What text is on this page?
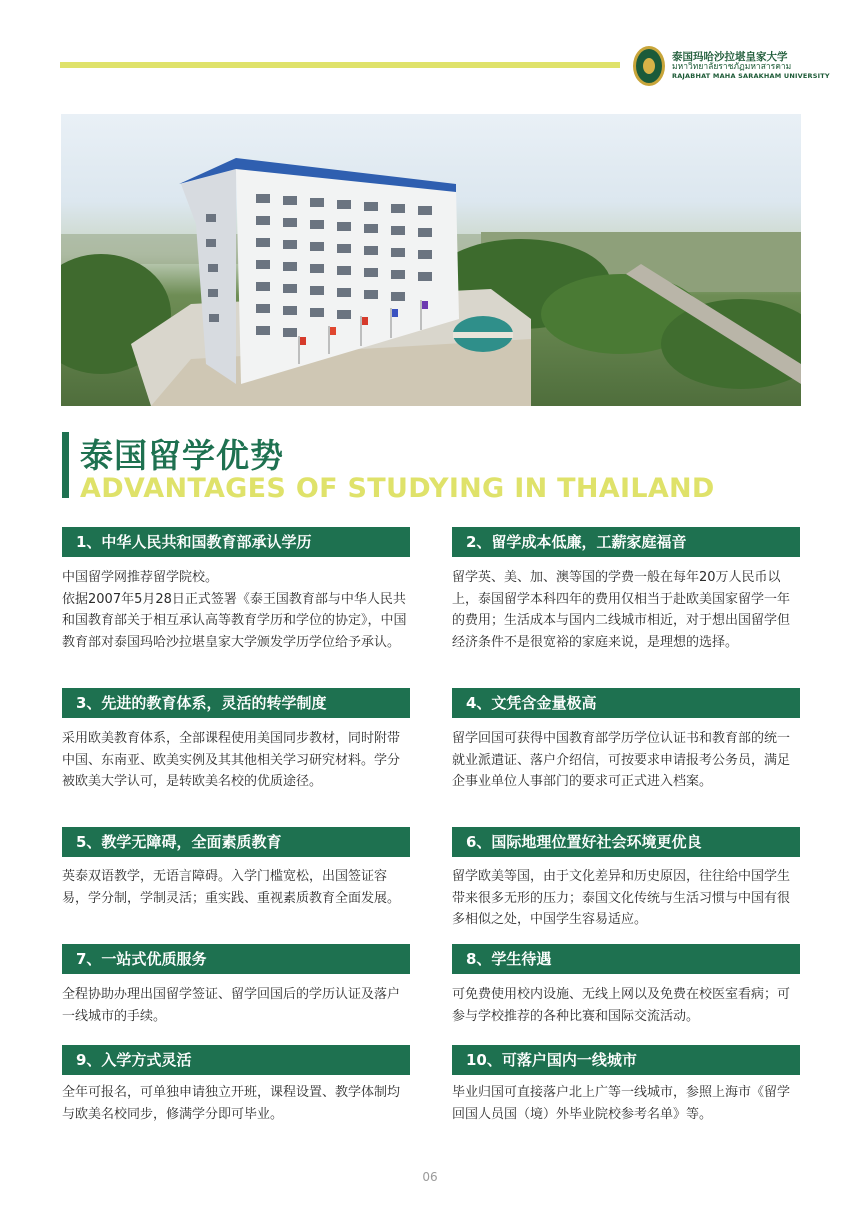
泰国玛哈沙拉堪皇家大学
มหาวิทยาลัยราชภัฏมหาสารคาม
RAJABHAT MAHA SARAKHAM UNIVERSITY
泰国留学优势
ADVANTAGES OF STUDYING IN THAILAND
1、中华人民共和国教育部承认学历
中国留学网推荐留学院校。
依据2007年5月28日正式签署《泰王国教育部与中华人民共和国教育部关于相互承认高等教育学历和学位的协定》，中国教育部对泰国玛哈沙拉堪皇家大学颁发学历学位给予承认。
2、留学成本低廉，工薪家庭福音
留学英、美、加、澳等国的学费一般在每年20万人民币以上，泰国留学本科四年的费用仅相当于赴欧美国家留学一年的费用；生活成本与国内二线城市相近，对于想出国留学但经济条件不是很宽裕的家庭来说，是理想的选择。
3、先进的教育体系，灵活的转学制度
采用欧美教育体系，全部课程使用美国同步教材，同时附带中国、东南亚、欧美实例及其其他相关学习研究材料。学分被欧美大学认可，是转欧美名校的优质途径。
4、文凭含金量极高
留学回国可获得中国教育部学历学位认证书和教育部的统一就业派遣证、落户介绍信，可按要求申请报考公务员，满足企事业单位人事部门的要求可正式进入档案。
5、教学无障碍，全面素质教育
英泰双语教学，无语言障碍。入学门槛宽松，出国签证容易，学分制，学制灵活；重实践、重视素质教育全面发展。
6、国际地理位置好社会环境更优良
留学欧美等国，由于文化差异和历史原因，往往给中国学生带来很多无形的压力；泰国文化传统与生活习惯与中国有很多相似之处，中国学生容易适应。
7、一站式优质服务
全程协助办理出国留学签证、留学回国后的学历认证及落户一线城市的手续。
8、学生待遇
可免费使用校内设施、无线上网以及免费在校医室看病；可参与学校推荐的各种比赛和国际交流活动。
9、入学方式灵活
全年可报名，可单独申请独立开班，课程设置、教学体制均与欧美名校同步，修满学分即可毕业。
10、可落户国内一线城市
毕业归国可直接落户北上广等一线城市，参照上海市《留学回国人员国（境）外毕业院校参考名单》等。
06
